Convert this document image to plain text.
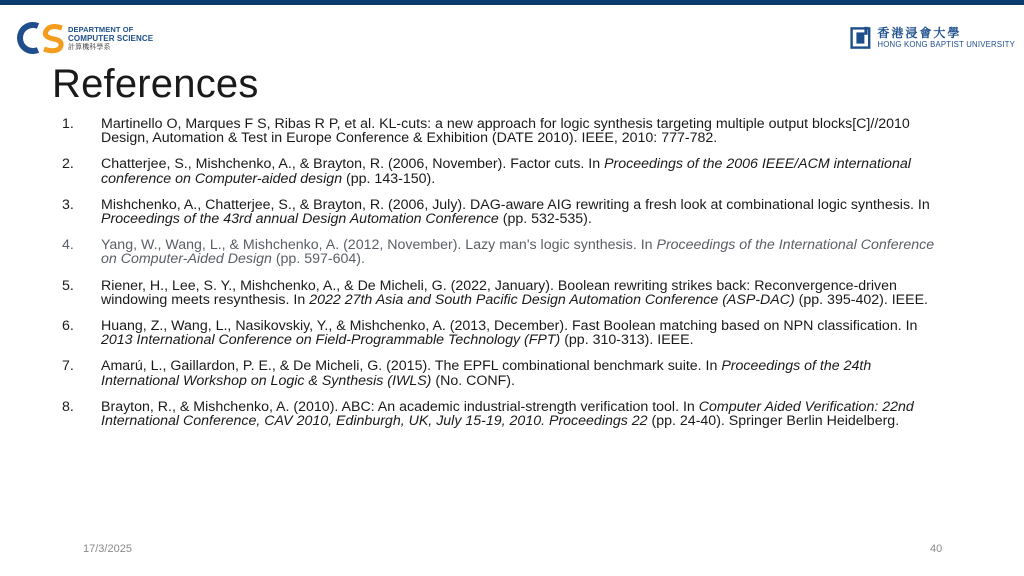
DEPARTMENT OF
COMPUTER SCIENCE
計算機科學系
香港浸會大學
HONG KONG BAPTIST UNIVERSITY
References
1.	Martinello O, Marques F S, Ribas R P, et al. KL-cuts: a new approach for logic synthesis targeting multiple output blocks[C]//2010 Design, Automation & Test in Europe Conference & Exhibition (DATE 2010). IEEE, 2010: 777-782.
2.	Chatterjee, S., Mishchenko, A., & Brayton, R. (2006, November). Factor cuts. In Proceedings of the 2006 IEEE/ACM international conference on Computer-aided design (pp. 143-150).
3.	Mishchenko, A., Chatterjee, S., & Brayton, R. (2006, July). DAG-aware AIG rewriting a fresh look at combinational logic synthesis. In Proceedings of the 43rd annual Design Automation Conference (pp. 532-535).
4.	Yang, W., Wang, L., & Mishchenko, A. (2012, November). Lazy man's logic synthesis. In Proceedings of the International Conference on Computer-Aided Design (pp. 597-604).
5.	Riener, H., Lee, S. Y., Mishchenko, A., & De Micheli, G. (2022, January). Boolean rewriting strikes back: Reconvergence-driven windowing meets resynthesis. In 2022 27th Asia and South Pacific Design Automation Conference (ASP-DAC) (pp. 395-402). IEEE.
6.	Huang, Z., Wang, L., Nasikovskiy, Y., & Mishchenko, A. (2013, December). Fast Boolean matching based on NPN classification. In 2013 International Conference on Field-Programmable Technology (FPT) (pp. 310-313). IEEE.
7.	Amarú, L., Gaillardon, P. E., & De Micheli, G. (2015). The EPFL combinational benchmark suite. In Proceedings of the 24th International Workshop on Logic & Synthesis (IWLS) (No. CONF).
8.	Brayton, R., & Mishchenko, A. (2010). ABC: An academic industrial-strength verification tool. In Computer Aided Verification: 22nd International Conference, CAV 2010, Edinburgh, UK, July 15-19, 2010. Proceedings 22 (pp. 24-40). Springer Berlin Heidelberg.
17/3/2025	40
